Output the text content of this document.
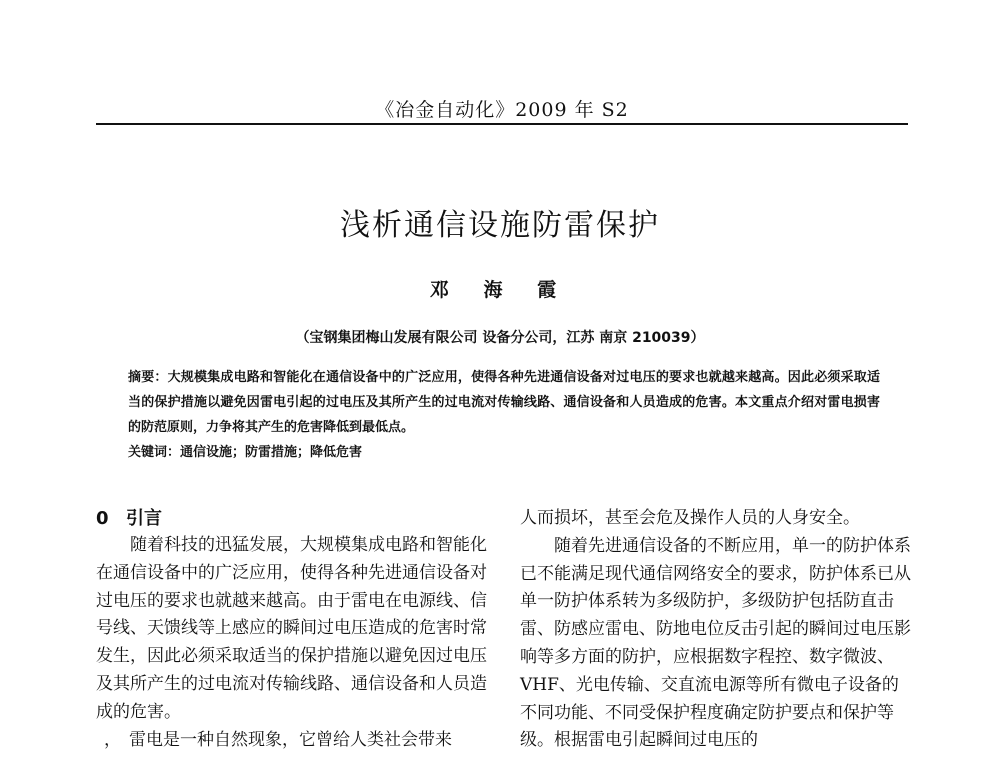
《冶金自动化》2009 年 S2
浅析通信设施防雷保护
邓 海 霞
（宝钢集团梅山发展有限公司 设备分公司，江苏 南京 210039）

摘要：大规模集成电路和智能化在通信设备中的广泛应用，使得各种先进通信设备对过电压的要求也就越来越高。因此必须采取适当的保护措施以避免因雷电引起的过电压及其所产生的过电流对传输线路、通信设备和人员造成的危害。本文重点介绍对雷电损害的防范原则，力争将其产生的危害降低到最低点。

关键词：通信设施；防雷措施；降低危害

0 引言

随着科技的迅猛发展，大规模集成电路和智能化在通信设备中的广泛应用，使得各种先进通信设备对过电压的要求也就越来越高。由于雷电在电源线、信号线、天馈线等上感应的瞬间过电压造成的危害时常发生，因此必须采取适当的保护措施以避免因过电压及其所产生的过电流对传输线路、通信设备和人员造成的危害。

， 雷电是一种自然现象，它曾给人类社会带来

人而损坏，甚至会危及操作人员的人身安全。

随着先进通信设备的不断应用，单一的防护体系已不能满足现代通信网络安全的要求，防护体系已从单一防护体系转为多级防护，多级防护包括防直击雷、防感应雷电、防地电位反击引起的瞬间过电压影响等多方面的防护，应根据数字程控、数字微波、VHF、光电传输、交直流电源等所有微电子设备的不同功能、不同受保护程度确定防护要点和保护等级。根据雷电引起瞬间过电压的
